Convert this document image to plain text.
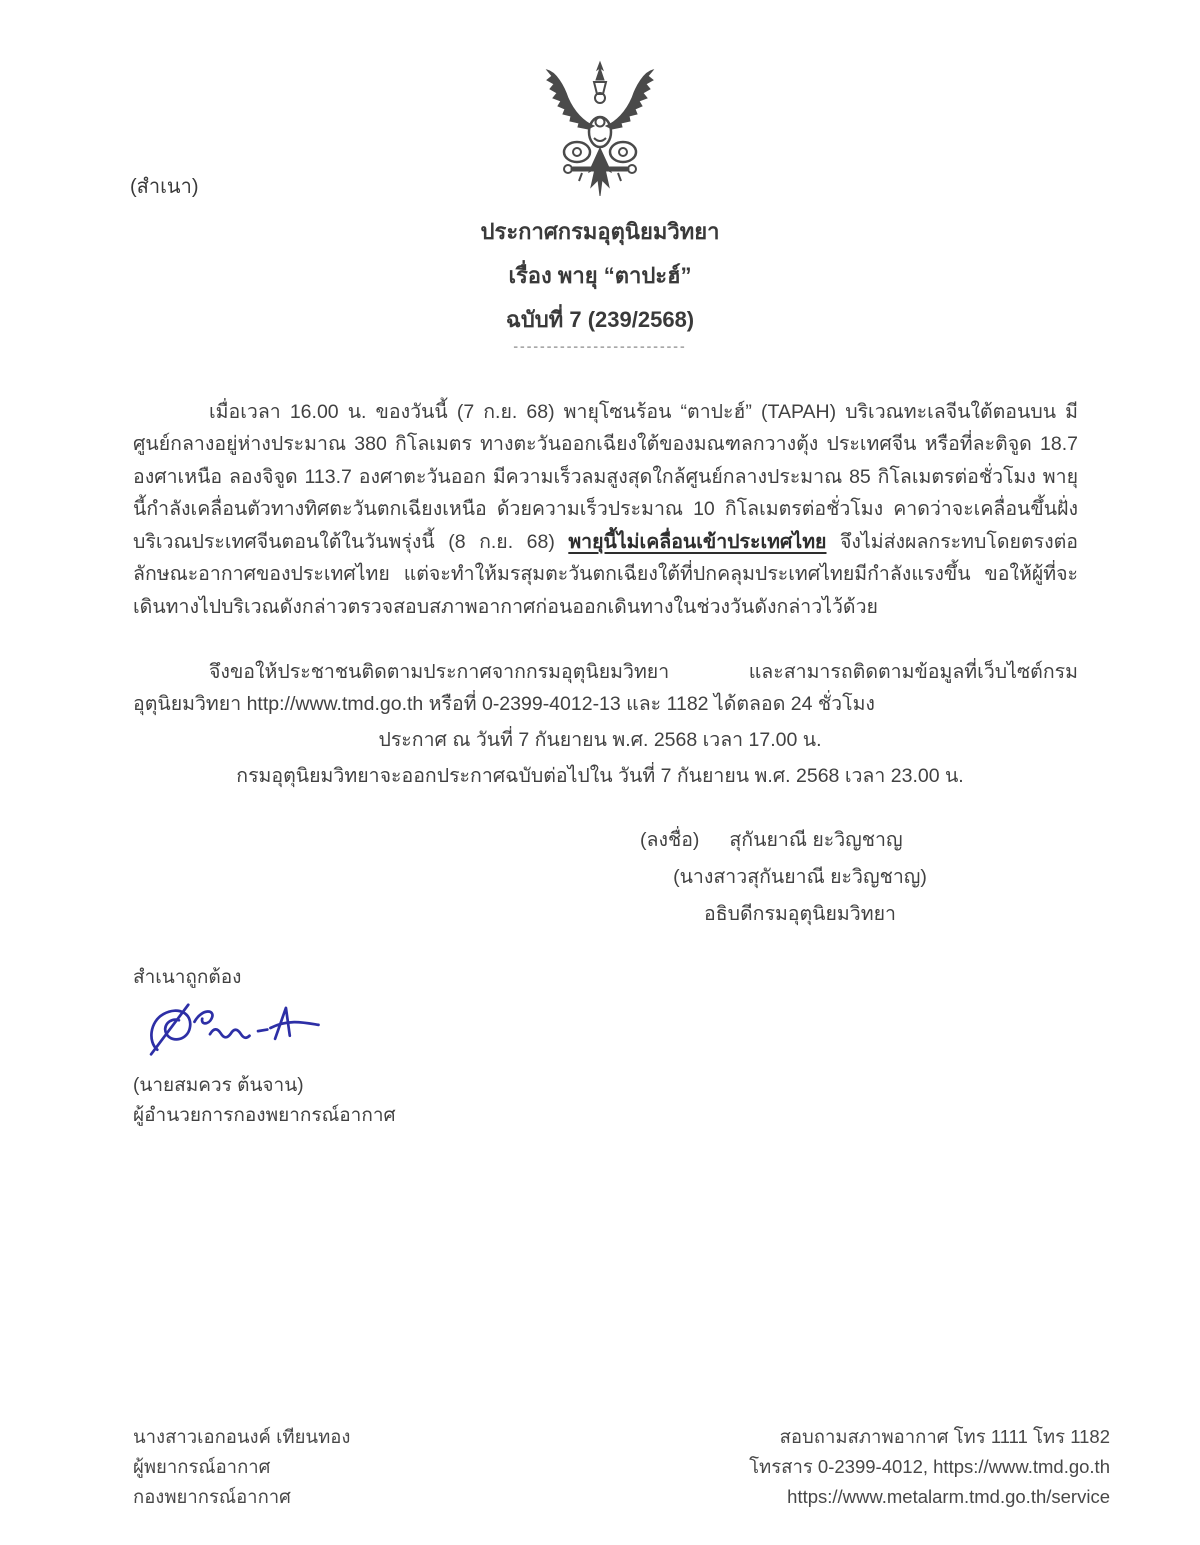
(สำเนา)
ประกาศกรมอุตุนิยมวิทยา
เรื่อง พายุ “ตาปะฮ์”
ฉบับที่ 7 (239/2568)
--------------------------

เมื่อเวลา 16.00 น. ของวันนี้ (7 ก.ย. 68) พายุโซนร้อน “ตาปะฮ์” (TAPAH) บริเวณทะเลจีนใต้ตอนบน มีศูนย์กลางอยู่ห่างประมาณ 380 กิโลเมตร ทางตะวันออกเฉียงใต้ของมณฑลกวางตุ้ง ประเทศจีน หรือที่ละติจูด 18.7 องศาเหนือ ลองจิจูด 113.7 องศาตะวันออก มีความเร็วลมสูงสุดใกล้ศูนย์กลางประมาณ 85 กิโลเมตรต่อชั่วโมง พายุนี้กำลังเคลื่อนตัวทางทิศตะวันตกเฉียงเหนือ ด้วยความเร็วประมาณ 10 กิโลเมตรต่อชั่วโมง คาดว่าจะเคลื่อนขึ้นฝั่งบริเวณประเทศจีนตอนใต้ในวันพรุ่งนี้ (8 ก.ย. 68) พายุนี้ไม่เคลื่อนเข้าประเทศไทย จึงไม่ส่งผลกระทบโดยตรงต่อลักษณะอากาศของประเทศไทย แต่จะทำให้มรสุมตะวันตกเฉียงใต้ที่ปกคลุมประเทศไทยมีกำลังแรงขึ้น ขอให้ผู้ที่จะเดินทางไปบริเวณดังกล่าวตรวจสอบสภาพอากาศก่อนออกเดินทางในช่วงวันดังกล่าวไว้ด้วย

จึงขอให้ประชาชนติดตามประกาศจากกรมอุตุนิยมวิทยา และสามารถติดตามข้อมูลที่เว็บไซต์กรมอุตุนิยมวิทยา http://www.tmd.go.th หรือที่ 0-2399-4012-13 และ 1182 ได้ตลอด 24 ชั่วโมง

ประกาศ ณ วันที่ 7 กันยายน พ.ศ. 2568 เวลา 17.00 น.
กรมอุตุนิยมวิทยาจะออกประกาศฉบับต่อไปใน วันที่ 7 กันยายน พ.ศ. 2568 เวลา 23.00 น.
(ลงชื่อ) สุกันยาณี ยะวิญชาญ
(นางสาวสุกันยาณี ยะวิญชาญ)
อธิบดีกรมอุตุนิยมวิทยา
สำเนาถูกต้อง
(นายสมควร ต้นจาน)
ผู้อำนวยการกองพยากรณ์อากาศ
นางสาวเอกอนงค์ เทียนทอง
ผู้พยากรณ์อากาศ
กองพยากรณ์อากาศ
สอบถามสภาพอากาศ โทร 1111 โทร 1182
โทรสาร 0-2399-4012, https://www.tmd.go.th
https://www.metalarm.tmd.go.th/service
